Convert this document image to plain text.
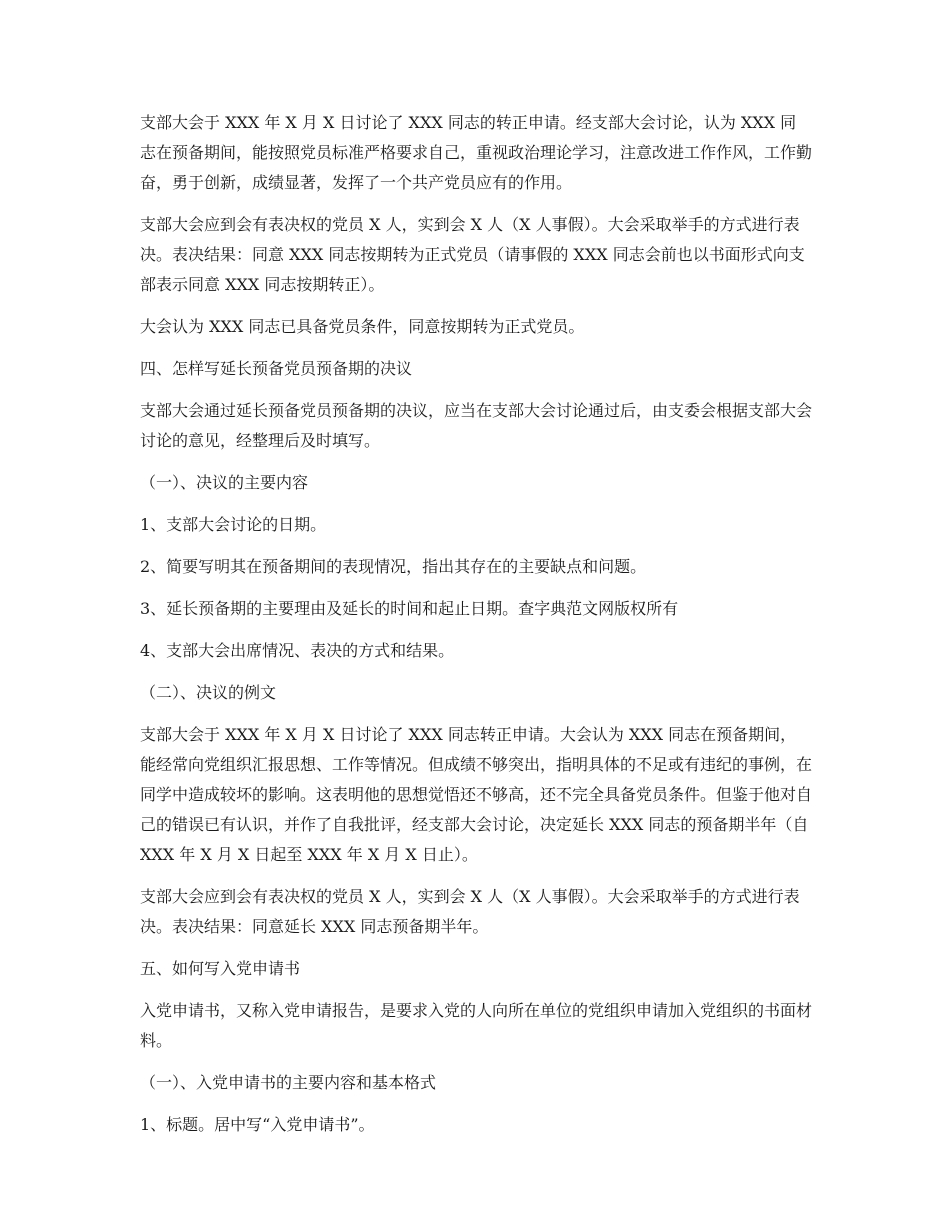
支部大会于 XXX 年 X 月 X 日讨论了 XXX 同志的转正申请。经支部大会讨论，认为 XXX 同志在预备期间，能按照党员标准严格要求自己，重视政治理论学习，注意改进工作作风，工作勤奋，勇于创新，成绩显著，发挥了一个共产党员应有的作用。

支部大会应到会有表决权的党员 X 人，实到会 X 人（X 人事假）。大会采取举手的方式进行表决。表决结果：同意 XXX 同志按期转为正式党员（请事假的 XXX 同志会前也以书面形式向支部表示同意 XXX 同志按期转正）。

大会认为 XXX 同志已具备党员条件，同意按期转为正式党员。

四、怎样写延长预备党员预备期的决议

支部大会通过延长预备党员预备期的决议，应当在支部大会讨论通过后，由支委会根据支部大会讨论的意见，经整理后及时填写。

（一）、决议的主要内容

1、支部大会讨论的日期。

2、简要写明其在预备期间的表现情况，指出其存在的主要缺点和问题。

3、延长预备期的主要理由及延长的时间和起止日期。查字典范文网版权所有

4、支部大会出席情况、表决的方式和结果。

（二）、决议的例文

支部大会于 XXX 年 X 月 X 日讨论了 XXX 同志转正申请。大会认为 XXX 同志在预备期间，能经常向党组织汇报思想、工作等情况。但成绩不够突出，指明具体的不足或有违纪的事例，在同学中造成较坏的影响。这表明他的思想觉悟还不够高，还不完全具备党员条件。但鉴于他对自己的错误已有认识，并作了自我批评，经支部大会讨论，决定延长 XXX 同志的预备期半年（自 XXX 年 X 月 X 日起至 XXX 年 X 月 X 日止）。

支部大会应到会有表决权的党员 X 人，实到会 X 人（X 人事假）。大会采取举手的方式进行表决。表决结果：同意延长 XXX 同志预备期半年。

五、如何写入党申请书

入党申请书，又称入党申请报告，是要求入党的人向所在单位的党组织申请加入党组织的书面材料。

（一）、入党申请书的主要内容和基本格式

1、标题。居中写“入党申请书”。
